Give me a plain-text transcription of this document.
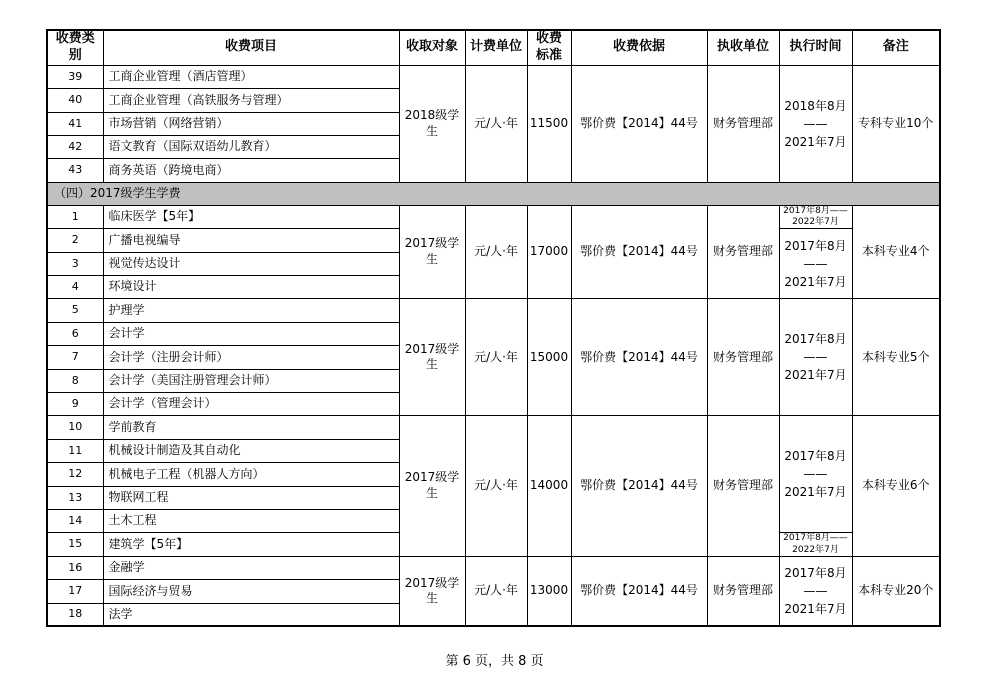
收费类别	收费项目	收取对象	计费单位	收费标准	收费依据	执收单位	执行时间	备注
39	工商企业管理（酒店管理）	2018级学生	元/人·年	11500	鄂价费【2014】44号	财务管理部	2018年8月
——
2021年7月	专科专业10个
40	工商企业管理（高铁服务与管理）							
41	市场营销（网络营销）							
42	语文教育（国际双语幼儿教育）							
43	商务英语（跨境电商）							
（四）2017级学生学费								
1	临床医学【5年】	2017级学生	元/人·年	17000	鄂价费【2014】44号	财务管理部	2017年8月——
2022年7月	本科专业4个
2	广播电视编导						2017年8月
——
2021年7月	

3	视觉传达设计							
4	环境设计							
5	护理学	2017级学生	元/人·年	15000	鄂价费【2014】44号	财务管理部	2017年8月
——
2021年7月	本科专业5个
6	会计学							
7	会计学（注册会计师）							
8	会计学（美国注册管理会计师）							
9	会计学（管理会计）							
10	学前教育	2017级学生	元/人·年	14000	鄂价费【2014】44号	财务管理部	2017年8月
——
2021年7月	本科专业6个
11	机械设计制造及其自动化							
12	机械电子工程（机器人方向）							
13	物联网工程							
14	土木工程							
15	建筑学【5年】						2017年8月——
2022年7月	

16	金融学	2017级学生	元/人·年	13000	鄂价费【2014】44号	财务管理部	2017年8月
——
2021年7月	本科专业20个
17	国际经济与贸易							
18	法学							
第 6 页，共 8 页
